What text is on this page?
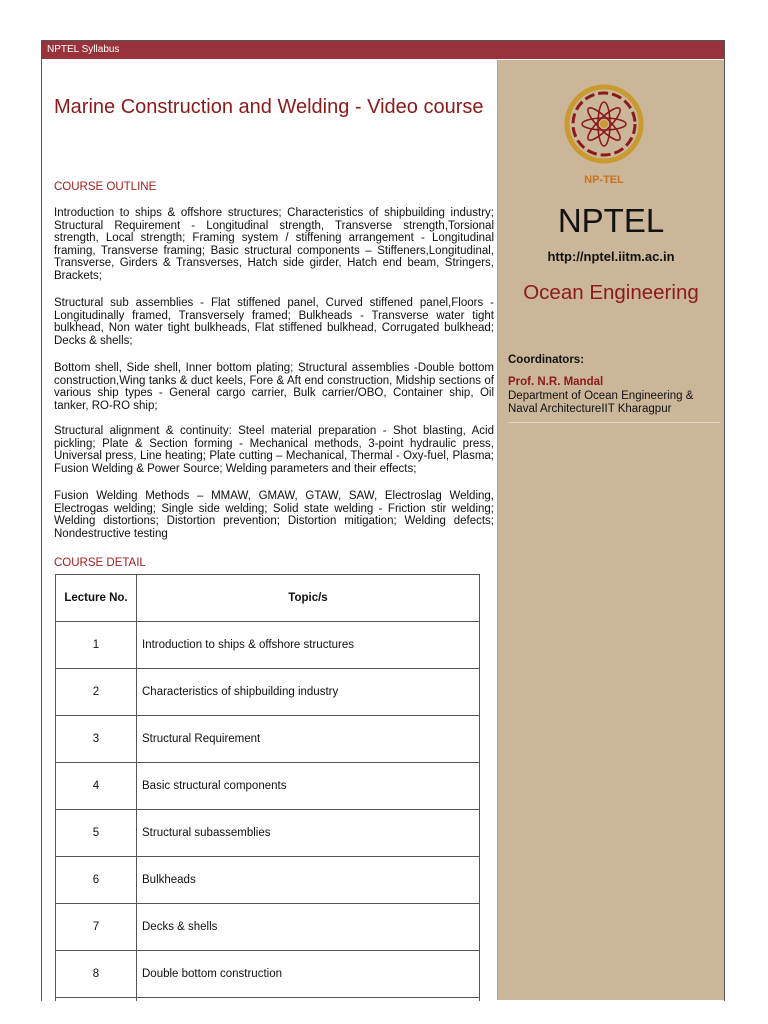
NPTEL Syllabus
Marine Construction and Welding - Video course
COURSE OUTLINE
Introduction to ships & offshore structures; Characteristics of shipbuilding industry; Structural Requirement - Longitudinal strength, Transverse strength,Torsional strength, Local strength; Framing system / stiffening arrangement - Longitudinal framing, Transverse framing; Basic structural components – Stiffeners,Longitudinal, Transverse, Girders & Transverses, Hatch side girder, Hatch end beam, Stringers, Brackets;
Structural sub assemblies - Flat stiffened panel, Curved stiffened panel,Floors - Longitudinally framed, Transversely framed; Bulkheads - Transverse water tight bulkhead, Non water tight bulkheads, Flat stiffened bulkhead, Corrugated bulkhead; Decks & shells;
Bottom shell, Side shell, Inner bottom plating; Structural assemblies -Double bottom construction,Wing tanks & duct keels, Fore & Aft end construction, Midship sections of various ship types - General cargo carrier, Bulk carrier/OBO, Container ship, Oil tanker, RO-RO ship;
Structural alignment & continuity: Steel material preparation - Shot blasting, Acid pickling; Plate & Section forming - Mechanical methods, 3-point hydraulic press, Universal press, Line heating; Plate cutting – Mechanical, Thermal - Oxy-fuel, Plasma; Fusion Welding & Power Source; Welding parameters and their effects;
Fusion Welding Methods – MMAW, GMAW, GTAW, SAW, Electroslag Welding, Electrogas welding; Single side welding; Solid state welding - Friction stir welding; Welding distortions; Distortion prevention; Distortion mitigation; Welding defects; Nondestructive testing
COURSE DETAIL
Lecture No.	Topic/s
1	Introduction to ships & offshore structures
2	Characteristics of shipbuilding industry
3	Structural Requirement
4	Basic structural components
5	Structural subassemblies
6	Bulkheads
7	Decks & shells
8	Double bottom construction

NP-TEL
NPTEL
http://nptel.iitm.ac.in
Ocean Engineering
Coordinators:
Prof. N.R. Mandal
Department of Ocean Engineering & Naval ArchitectureIIT Kharagpur
